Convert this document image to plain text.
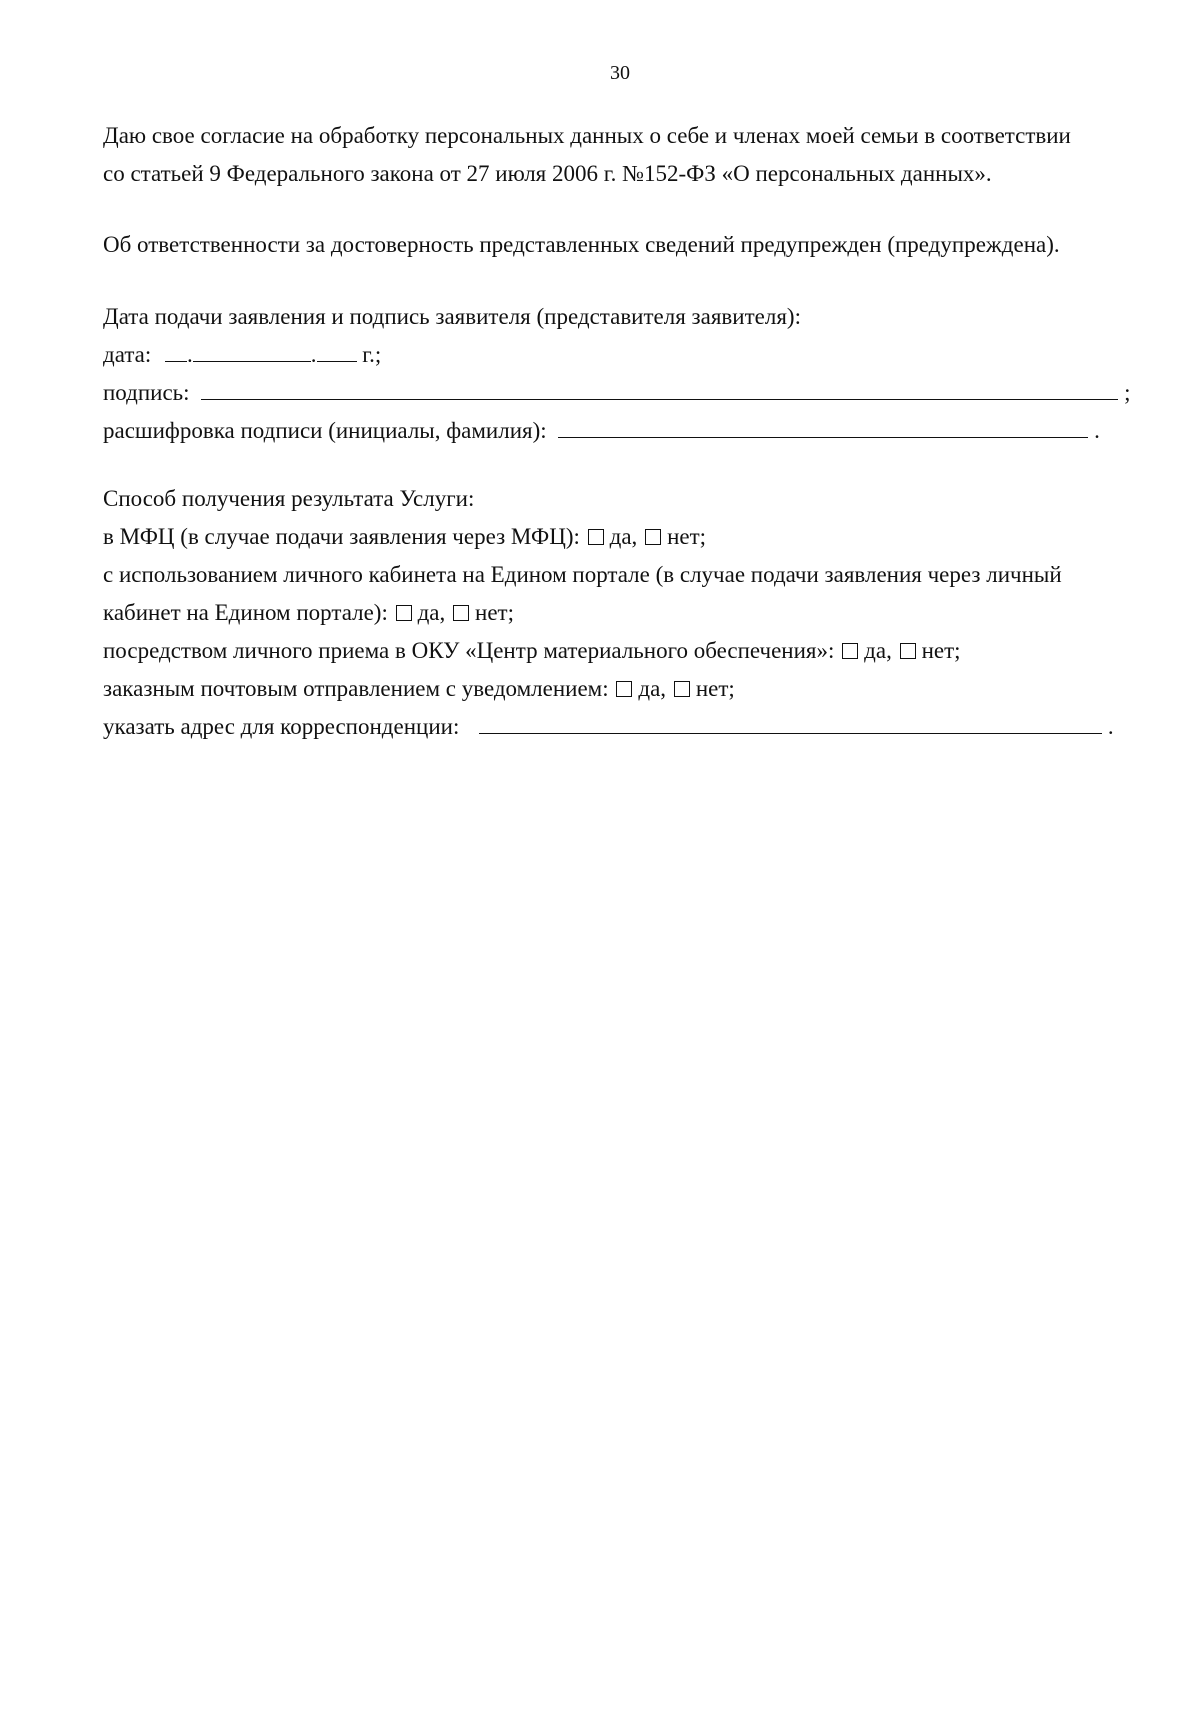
30
Даю свое согласие на обработку персональных данных о себе и членах моей семьи в соответствии
со статьей 9 Федерального закона от 27 июля 2006 г. №152-ФЗ «О персональных данных».
Об ответственности за достоверность представленных сведений предупрежден (предупреждена).
Дата подачи заявления и подпись заявителя (представителя заявителя):
дата: .	. г.;
подпись:	;
расшифровка подписи (инициалы, фамилия):	.
Способ получения результата Услуги:
в МФЦ (в случае подачи заявления через МФЦ): да, нет;
с использованием личного кабинета на Едином портале (в случае подачи заявления через личный
кабинет на Едином портале): да, нет;
посредством личного приема в ОКУ «Центр материального обеспечения»: да, нет;
заказным почтовым отправлением с уведомлением: да, нет;
указать адрес для корреспонденции:	.
